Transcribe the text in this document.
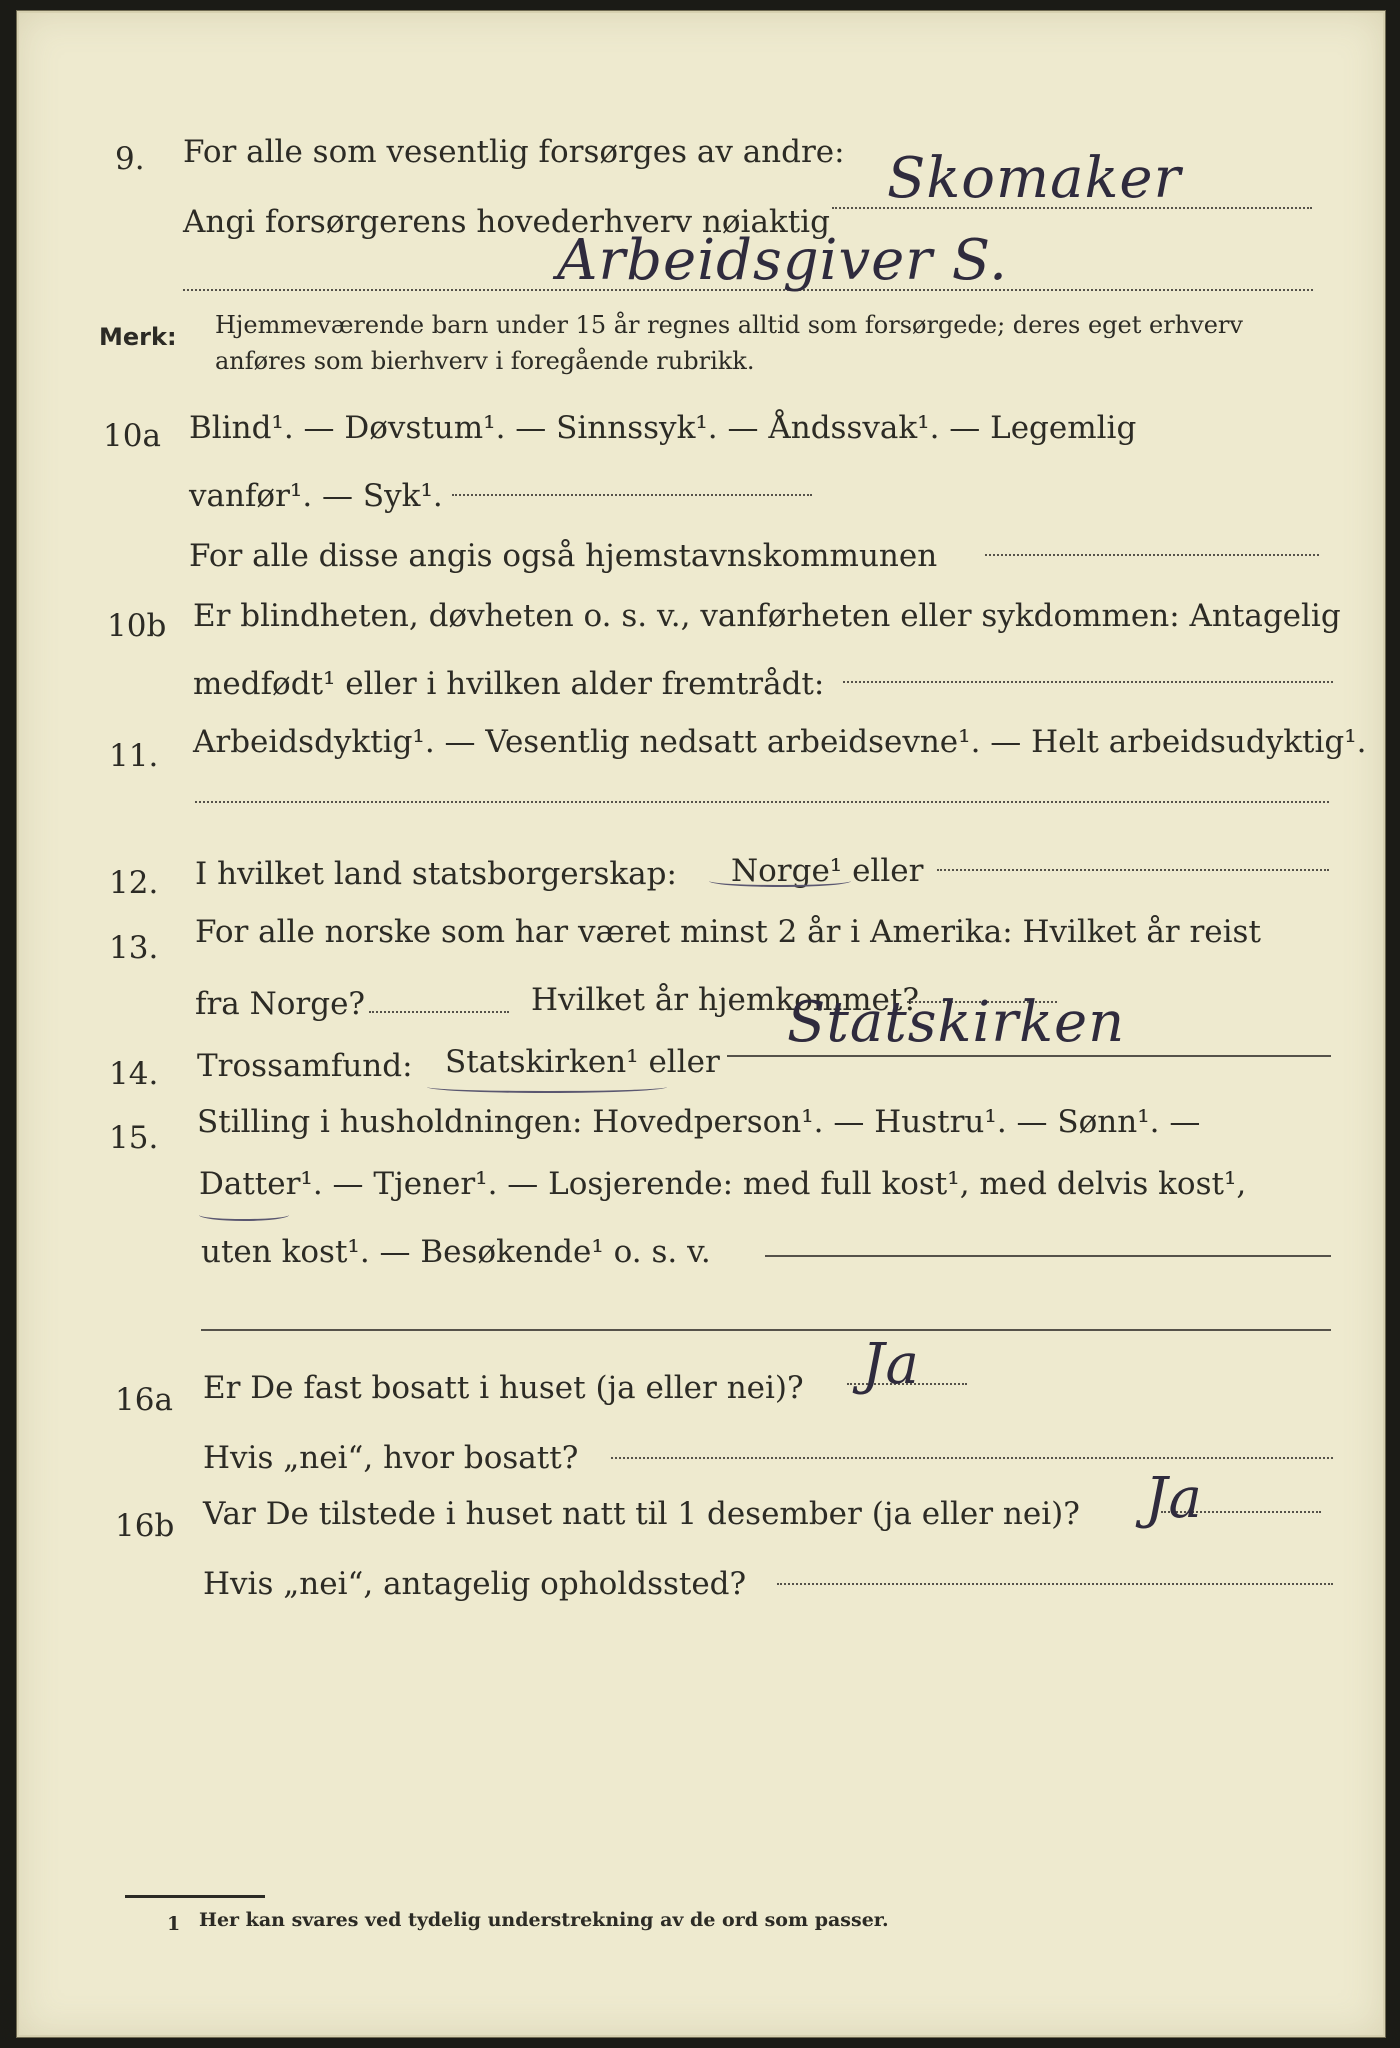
9. For alle som vesentlig forsørges av andre:
Angi forsørgerens hovederhverv nøiaktig
Skomaker
Arbeidsgiver S.
Merk: Hjemmeværende barn under 15 år regnes alltid som forsørgede; deres eget erhverv
anføres som bierhverv i foregående rubrikk.
10a Blind¹. — Døvstum¹. — Sinnssyk¹. — Åndssvak¹. — Legemlig
vanfør¹. — Syk¹.
For alle disse angis også hjemstavnskommunen
10b Er blindheten, døvheten o. s. v., vanførheten eller sykdommen: Antagelig
medfødt¹ eller i hvilken alder fremtrådt:
11. Arbeidsdyktig¹. — Vesentlig nedsatt arbeidsevne¹. — Helt arbeidsudyktig¹.
12. I hvilket land statsborgerskap: Norge¹ eller
13. For alle norske som har været minst 2 år i Amerika: Hvilket år reist
fra Norge?	Hvilket år hjemkommet?
14. Trossamfund: Statskirken¹ eller
Statskirken
15. Stilling i husholdningen: Hovedperson¹. — Hustru¹. — Sønn¹. —
Datter¹. — Tjener¹. — Losjerende: med full kost¹, med delvis kost¹,
uten kost¹. — Besøkende¹ o. s. v.
16a Er De fast bosatt i huset (ja eller nei)? Ja
Hvis „nei“, hvor bosatt?
16b Var De tilstede i huset natt til 1 desember (ja eller nei)? Ja
Hvis „nei“, antagelig opholdssted?
1 Her kan svares ved tydelig understrekning av de ord som passer.
